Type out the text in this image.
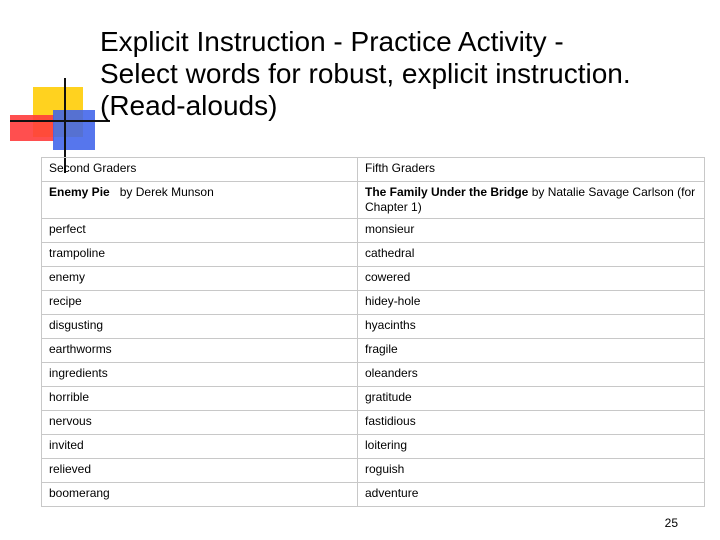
Explicit Instruction - Practice Activity -
Select words for robust, explicit instruction.
(Read-alouds)
Second Graders	Fifth Graders
Enemy Pie by Derek Munson	The Family Under the Bridge by Natalie Savage Carlson (for Chapter 1)
perfect	monsieur
trampoline	cathedral
enemy	cowered
recipe	hidey-hole
disgusting	hyacinths
earthworms	fragile
ingredients	oleanders
horrible	gratitude
nervous	fastidious
invited	loitering
relieved	roguish
boomerang	adventure
25
